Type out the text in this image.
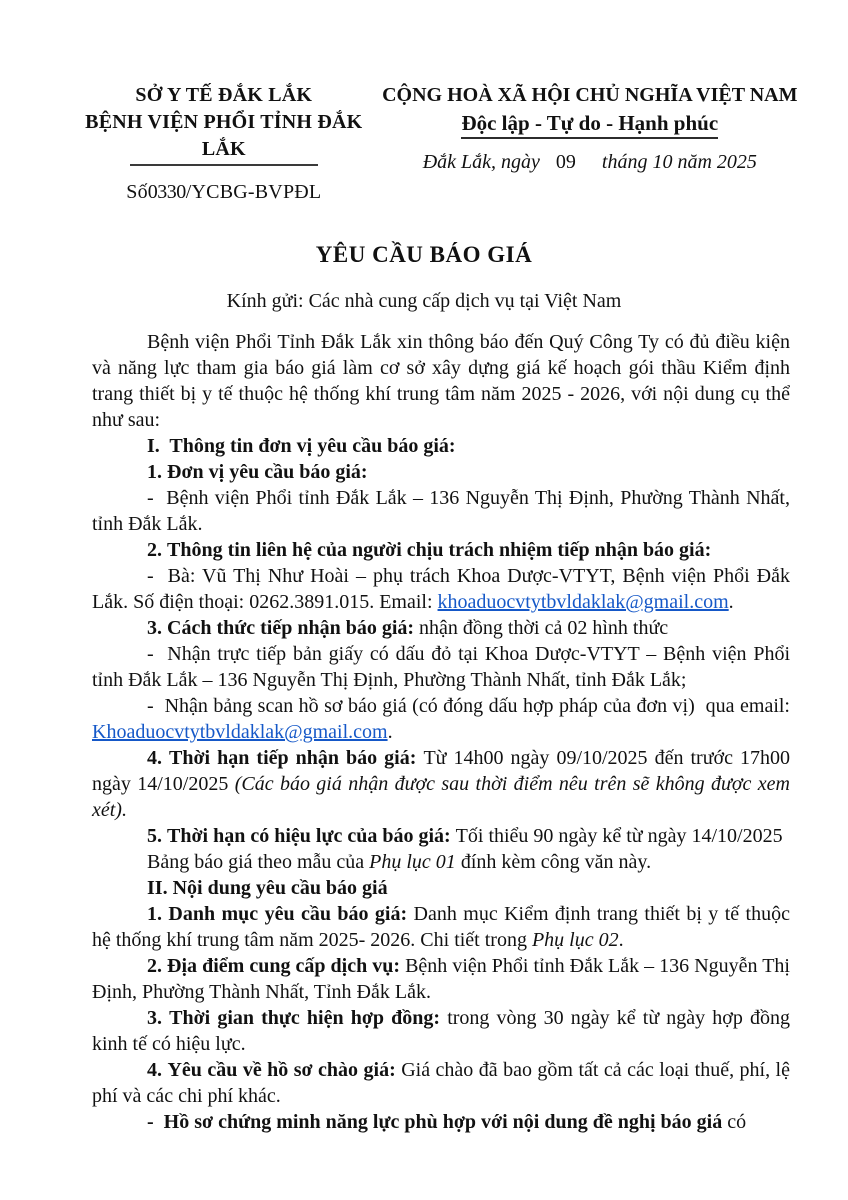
SỞ Y TẾ ĐẮK LẮK
BỆNH VIỆN PHỔI TỈNH ĐẮK LẮK
Số0330/YCBG-BVPĐL
CỘNG HOÀ XÃ HỘI CHỦ NGHĨA VIỆT NAM
Độc lập - Tự do - Hạnh phúc
Đắk Lắk, ngày 09 tháng 10 năm 2025
YÊU CẦU BÁO GIÁ
Kính gửi: Các nhà cung cấp dịch vụ tại Việt Nam

Bệnh viện Phổi Tỉnh Đắk Lắk xin thông báo đến Quý Công Ty có đủ điều kiện và năng lực tham gia báo giá làm cơ sở xây dựng giá kế hoạch gói thầu Kiểm định trang thiết bị y tế thuộc hệ thống khí trung tâm năm 2025 - 2026, với nội dung cụ thể như sau:

I.  Thông tin đơn vị yêu cầu báo giá:

1. Đơn vị yêu cầu báo giá:

-  Bệnh viện Phổi tỉnh Đắk Lắk – 136 Nguyễn Thị Định, Phường Thành Nhất, tỉnh Đắk Lắk.

2. Thông tin liên hệ của người chịu trách nhiệm tiếp nhận báo giá:

-  Bà: Vũ Thị Như Hoài – phụ trách Khoa Dược-VTYT, Bệnh viện Phổi Đắk Lắk. Số điện thoại: 0262.3891.015. Email: khoaduocvtytbvldaklak@gmail.com.

3. Cách thức tiếp nhận báo giá: nhận đồng thời cả 02 hình thức

-  Nhận trực tiếp bản giấy có dấu đỏ tại Khoa Dược-VTYT – Bệnh viện Phổi tỉnh Đắk Lắk – 136 Nguyễn Thị Định, Phường Thành Nhất, tỉnh Đắk Lắk;

-  Nhận bảng scan hồ sơ báo giá (có đóng dấu hợp pháp của đơn vị)  qua email: Khoaduocvtytbvldaklak@gmail.com.

4. Thời hạn tiếp nhận báo giá: Từ 14h00 ngày 09/10/2025 đến trước 17h00 ngày 14/10/2025 (Các báo giá nhận được sau thời điểm nêu trên sẽ không được xem xét).

5. Thời hạn có hiệu lực của báo giá: Tối thiểu 90 ngày kể từ ngày 14/10/2025

Bảng báo giá theo mẫu của Phụ lục 01 đính kèm công văn này.

II. Nội dung yêu cầu báo giá

1. Danh mục yêu cầu báo giá: Danh mục Kiểm định trang thiết bị y tế thuộc hệ thống khí trung tâm năm 2025- 2026. Chi tiết trong Phụ lục 02.

2. Địa điểm cung cấp dịch vụ: Bệnh viện Phổi tỉnh Đắk Lắk – 136 Nguyễn Thị Định, Phường Thành Nhất, Tỉnh Đắk Lắk.

3. Thời gian thực hiện hợp đồng: trong vòng 30 ngày kể từ ngày hợp đồng kinh tế có hiệu lực.

4. Yêu cầu về hồ sơ chào giá: Giá chào đã bao gồm tất cả các loại thuế, phí, lệ phí và các chi phí khác.

-  Hồ sơ chứng minh năng lực phù hợp với nội dung đề nghị báo giá có
